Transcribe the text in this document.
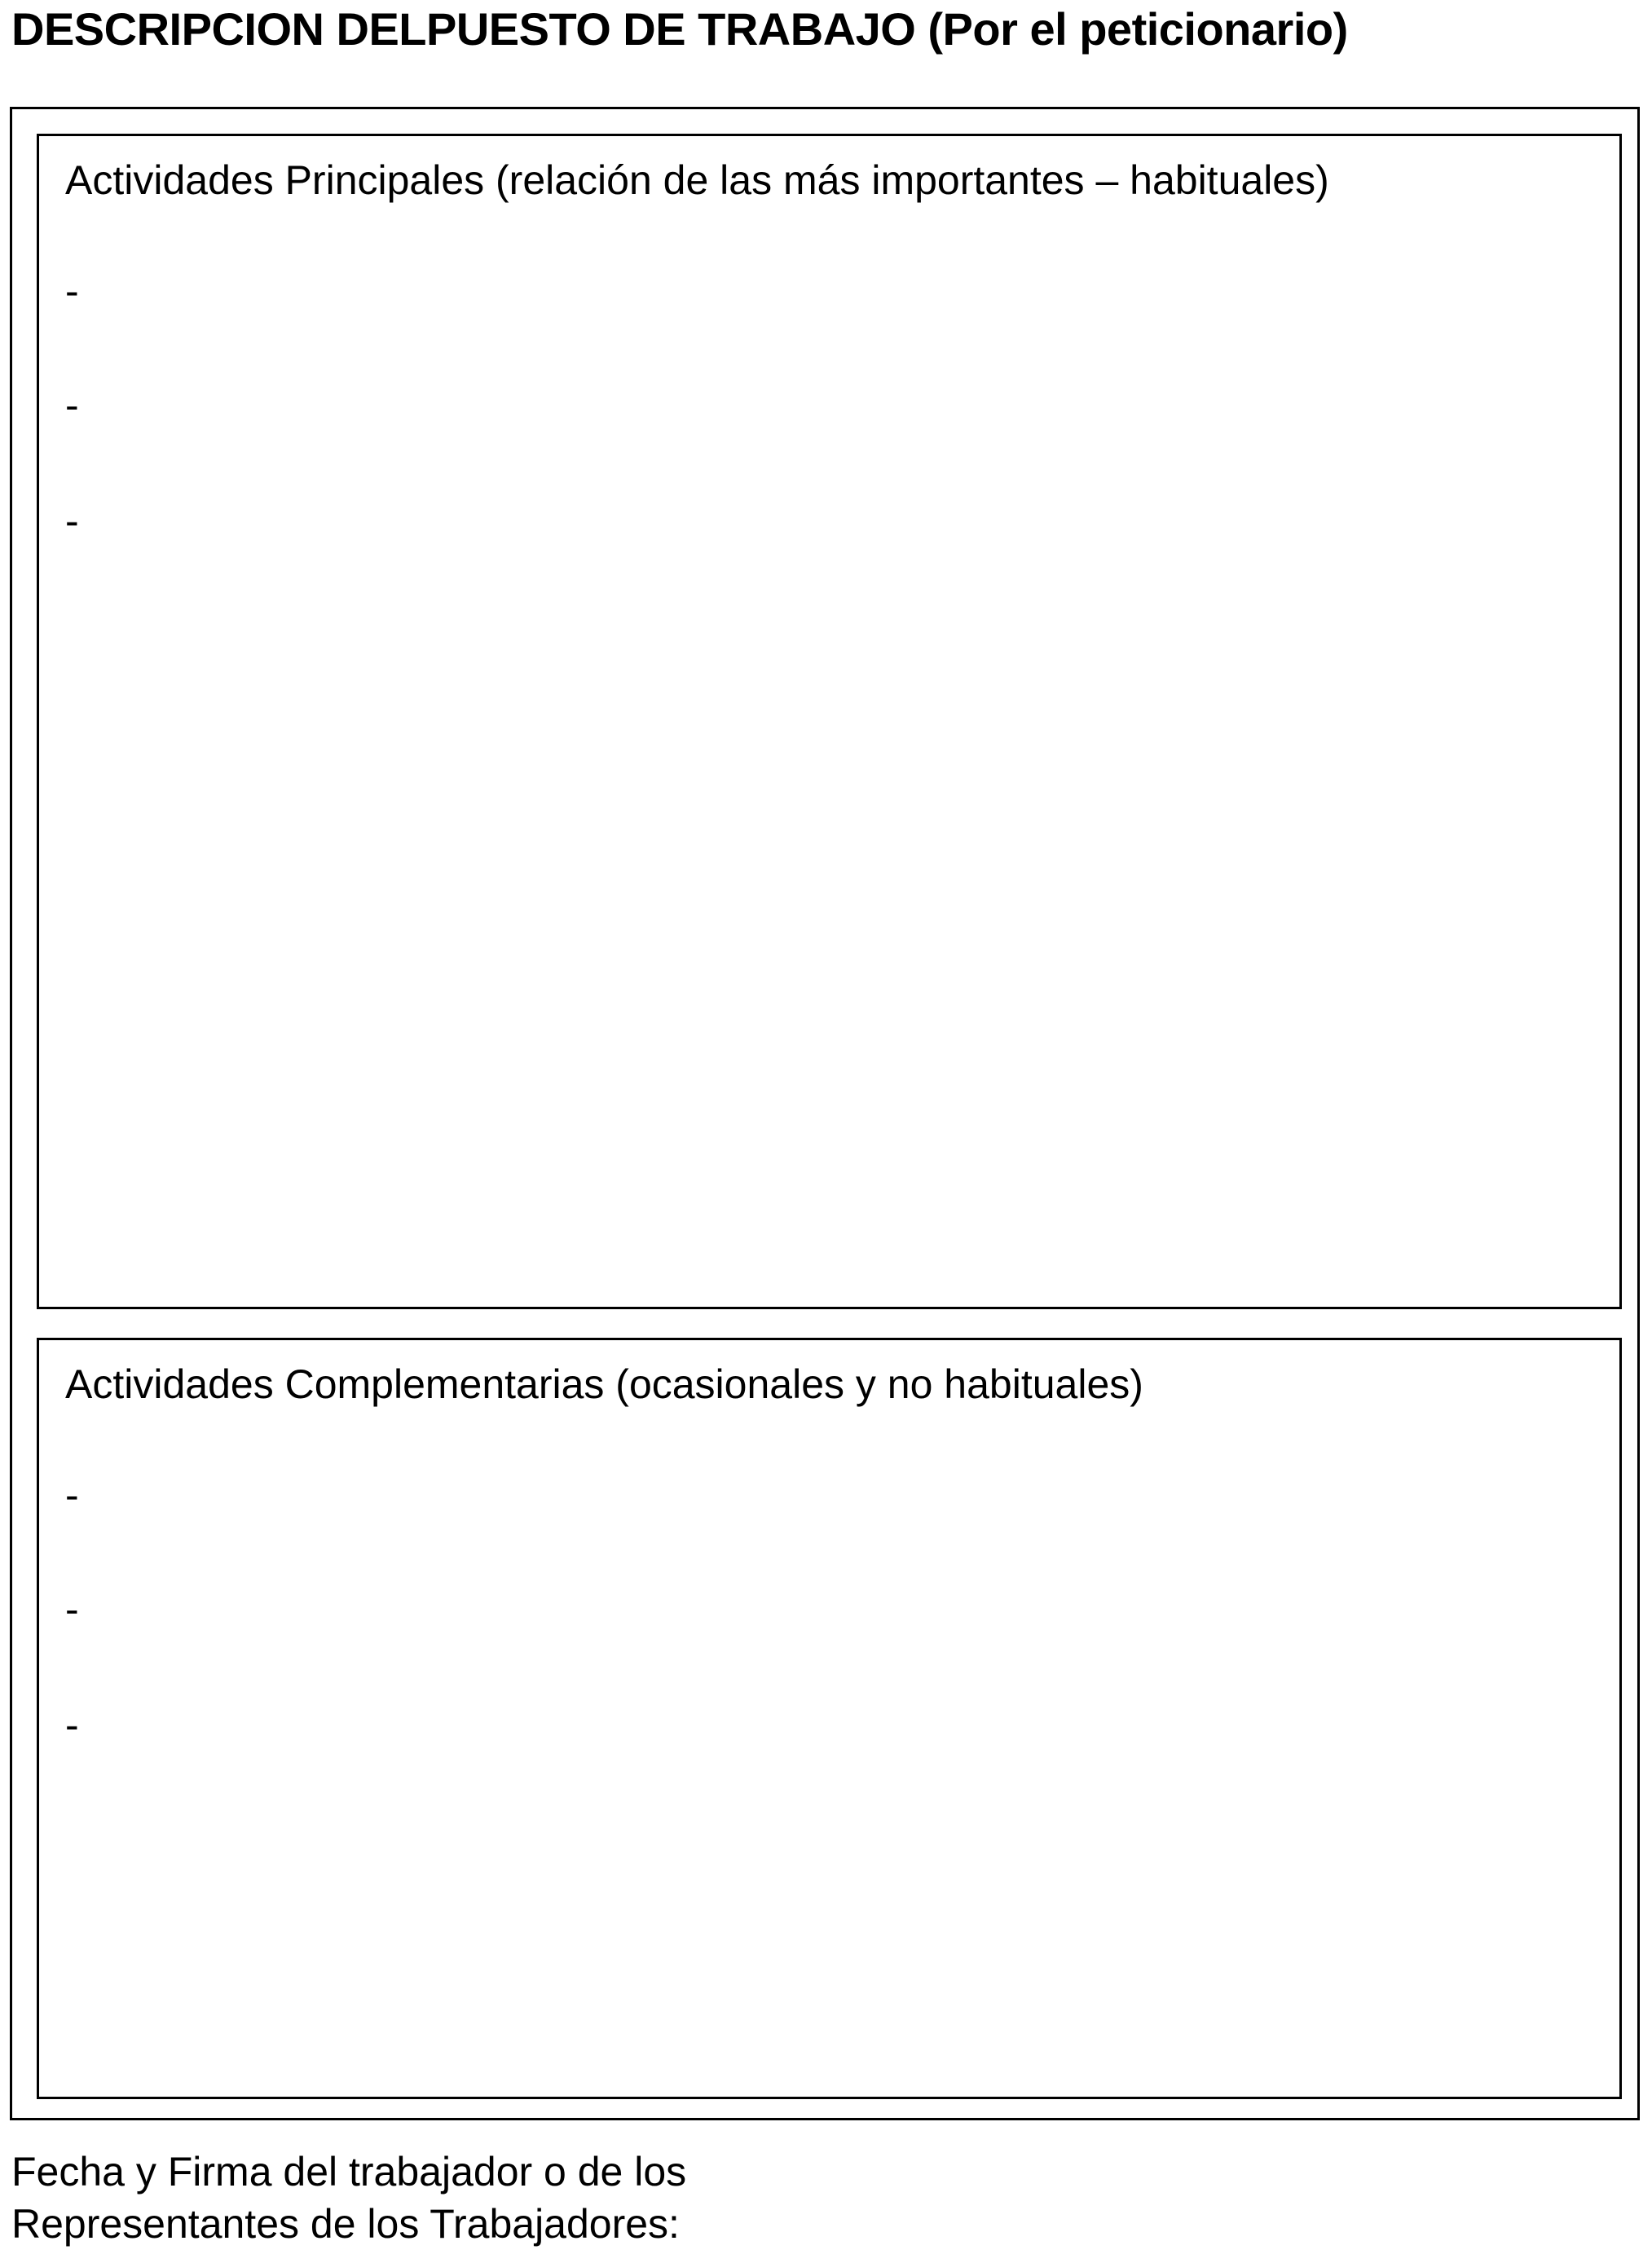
DESCRIPCION DELPUESTO DE TRABAJO (Por el peticionario)
Actividades Principales (relación de las más importantes – habituales)
-
-
-
Actividades Complementarias (ocasionales y no habituales)
-
-
-
Fecha y Firma del trabajador o de los
Representantes de los Trabajadores:
